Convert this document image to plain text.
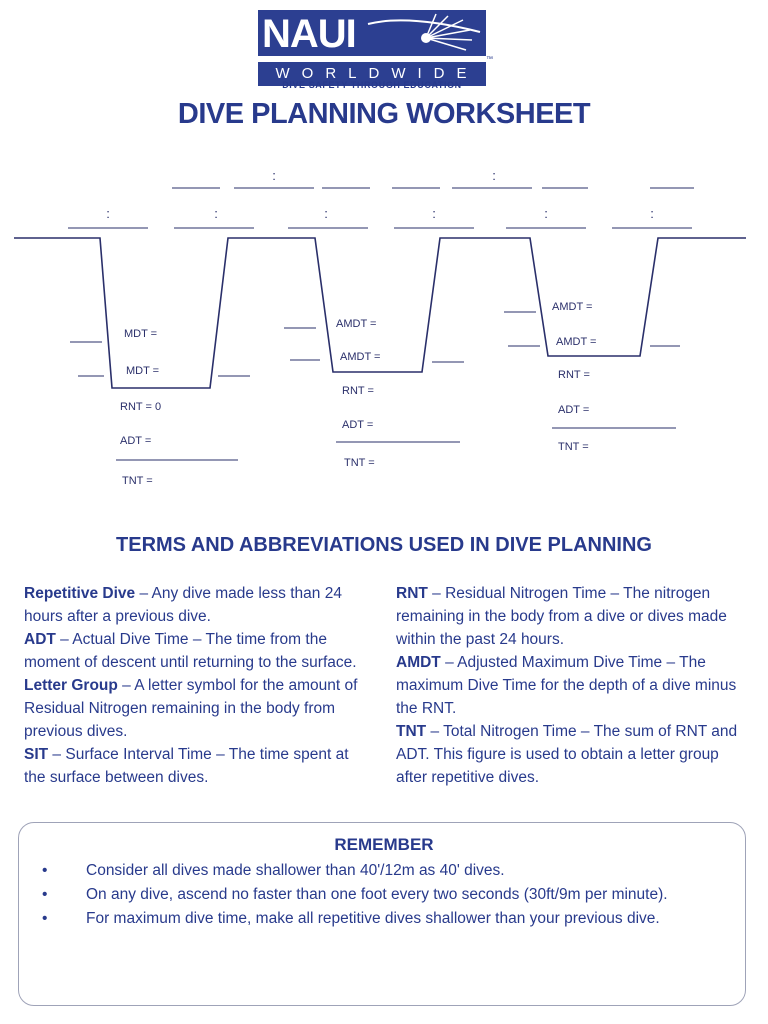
NAUI
WORLDWIDE
™
DIVE SAFETY THROUGH EDUCATION
DIVE PLANNING WORKSHEET
:	:
:	:	:	:	:	:
MDT =
MDT =
RNT = 0
ADT =
TNT =
AMDT =
AMDT =
RNT =
ADT =
TNT =
AMDT =
AMDT =
RNT =
ADT =
TNT =
TERMS AND ABBREVIATIONS USED IN DIVE PLANNING
Repetitive Dive – Any dive made less than 24 hours after a previous dive.
ADT – Actual Dive Time – The time from the moment of descent until returning to the surface.
Letter Group – A letter symbol for the amount of Residual Nitrogen remaining in the body from previous dives.
SIT – Surface Interval Time – The time spent at the surface between dives.
RNT – Residual Nitrogen Time – The nitrogen remaining in the body from a dive or dives made within the past 24 hours.
AMDT – Adjusted Maximum Dive Time – The maximum Dive Time for the depth of a dive minus the RNT.
TNT – Total Nitrogen Time – The sum of RNT and ADT. This figure is used to obtain a letter group after repetitive dives.
REMEMBER
• Consider all dives made shallower than 40'/12m as 40' dives.
• On any dive, ascend no faster than one foot every two seconds (30ft/9m per minute).
• For maximum dive time, make all repetitive dives shallower than your previous dive.
